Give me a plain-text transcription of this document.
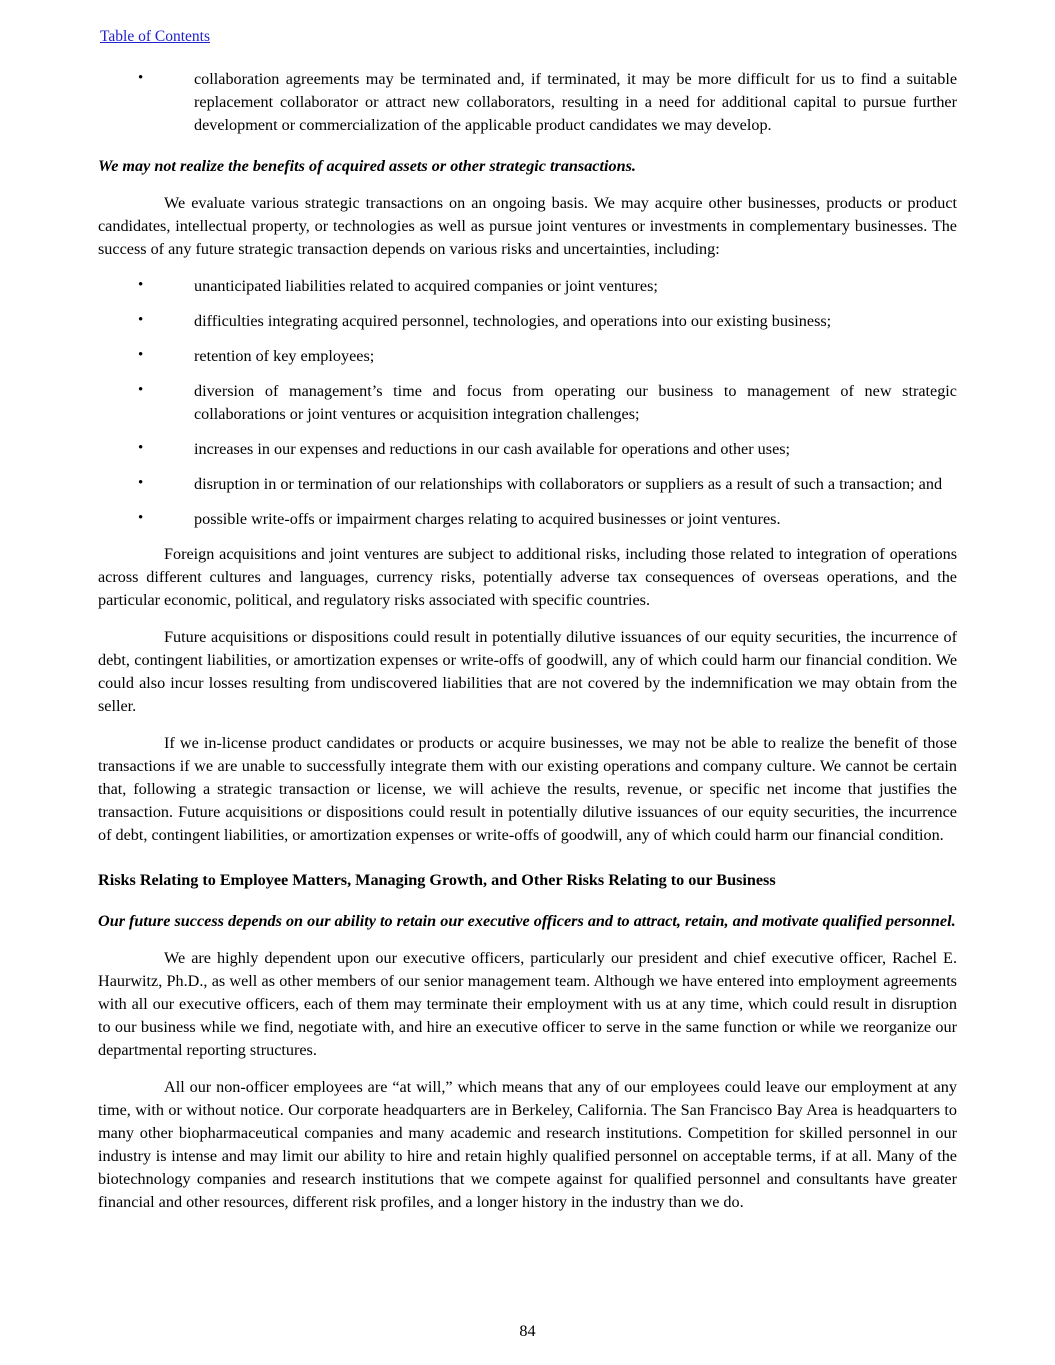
Table of Contents
•	collaboration agreements may be terminated and, if terminated, it may be more difficult for us to find a suitable replacement collaborator or attract new collaborators, resulting in a need for additional capital to pursue further development or commercialization of the applicable product candidates we may develop.
We may not realize the benefits of acquired assets or other strategic transactions.

We evaluate various strategic transactions on an ongoing basis. We may acquire other businesses, products or product candidates, intellectual property, or technologies as well as pursue joint ventures or investments in complementary businesses. The success of any future strategic transaction depends on various risks and uncertainties, including:

•	unanticipated liabilities related to acquired companies or joint ventures;
•	difficulties integrating acquired personnel, technologies, and operations into our existing business;
•	retention of key employees;
•	diversion of management’s time and focus from operating our business to management of new strategic collaborations or joint ventures or acquisition integration challenges;
•	increases in our expenses and reductions in our cash available for operations and other uses;
•	disruption in or termination of our relationships with collaborators or suppliers as a result of such a transaction; and
•	possible write-offs or impairment charges relating to acquired businesses or joint ventures.

Foreign acquisitions and joint ventures are subject to additional risks, including those related to integration of operations across different cultures and languages, currency risks, potentially adverse tax consequences of overseas operations, and the particular economic, political, and regulatory risks associated with specific countries.

Future acquisitions or dispositions could result in potentially dilutive issuances of our equity securities, the incurrence of debt, contingent liabilities, or amortization expenses or write-offs of goodwill, any of which could harm our financial condition. We could also incur losses resulting from undiscovered liabilities that are not covered by the indemnification we may obtain from the seller.

If we in-license product candidates or products or acquire businesses, we may not be able to realize the benefit of those transactions if we are unable to successfully integrate them with our existing operations and company culture. We cannot be certain that, following a strategic transaction or license, we will achieve the results, revenue, or specific net income that justifies the transaction. Future acquisitions or dispositions could result in potentially dilutive issuances of our equity securities, the incurrence of debt, contingent liabilities, or amortization expenses or write-offs of goodwill, any of which could harm our financial condition.

Risks Relating to Employee Matters, Managing Growth, and Other Risks Relating to our Business
Our future success depends on our ability to retain our executive officers and to attract, retain, and motivate qualified personnel.

We are highly dependent upon our executive officers, particularly our president and chief executive officer, Rachel E. Haurwitz, Ph.D., as well as other members of our senior management team. Although we have entered into employment agreements with all our executive officers, each of them may terminate their employment with us at any time, which could result in disruption to our business while we find, negotiate with, and hire an executive officer to serve in the same function or while we reorganize our departmental reporting structures.

All our non-officer employees are “at will,” which means that any of our employees could leave our employment at any time, with or without notice. Our corporate headquarters are in Berkeley, California. The San Francisco Bay Area is headquarters to many other biopharmaceutical companies and many academic and research institutions. Competition for skilled personnel in our industry is intense and may limit our ability to hire and retain highly qualified personnel on acceptable terms, if at all. Many of the biotechnology companies and research institutions that we compete against for qualified personnel and consultants have greater financial and other resources, different risk profiles, and a longer history in the industry than we do.

84
